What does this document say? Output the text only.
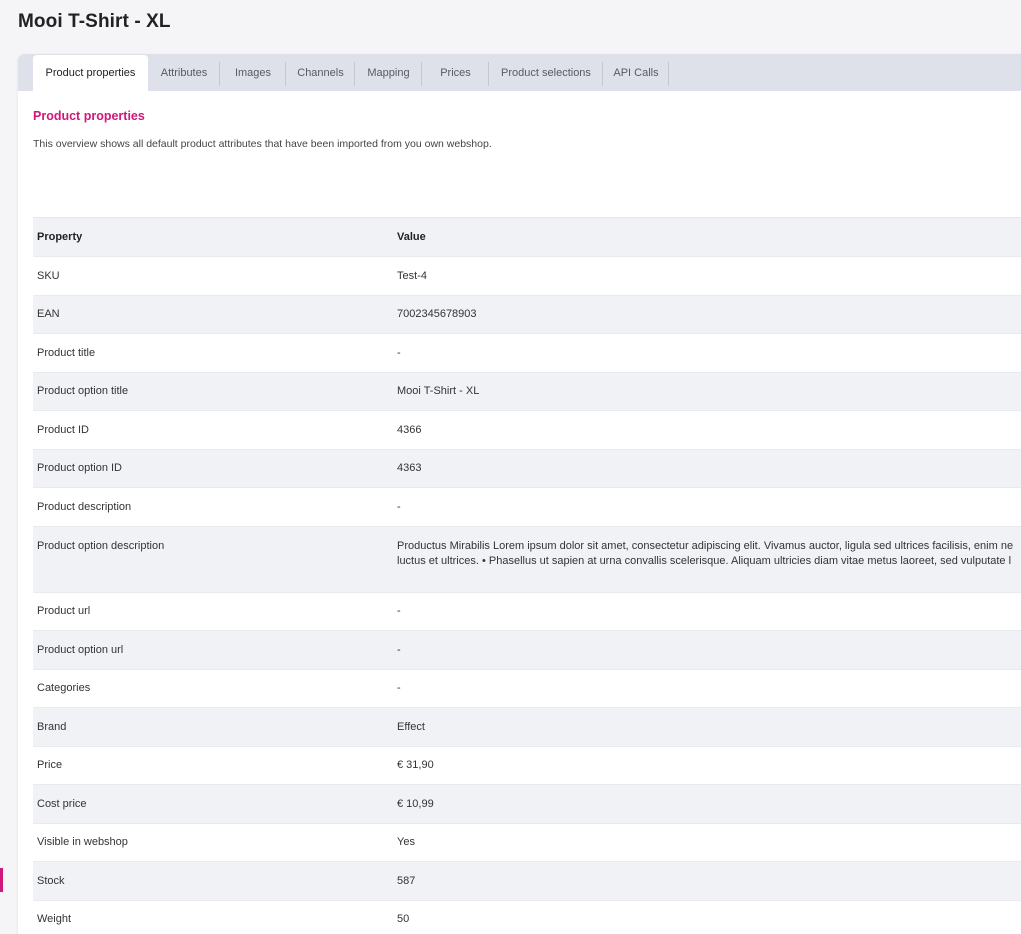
Mooi T-Shirt - XL
Product properties	Attributes	Images	Channels	Mapping	Prices	Product selections	API Calls
Product properties

This overview shows all default product attributes that have been imported from you own webshop.

Property	Value
SKU	Test-4
EAN	7002345678903
Product title	-
Product option title	Mooi T-Shirt - XL
Product ID	4366
Product option ID	4363
Product description	-
Product option description	Productus Mirabilis Lorem ipsum dolor sit amet, consectetur adipiscing elit. Vivamus auctor, ligula sed ultrices facilisis, enim ne
luctus et ultrices. • Phasellus ut sapien at urna convallis scelerisque. Aliquam ultricies diam vitae metus laoreet, sed vulputate l

Product url	-
Product option url	-
Categories	-
Brand	Effect
Price	€ 31,90
Cost price	€ 10,99
Visible in webshop	Yes
Stock	587
Weight	50
